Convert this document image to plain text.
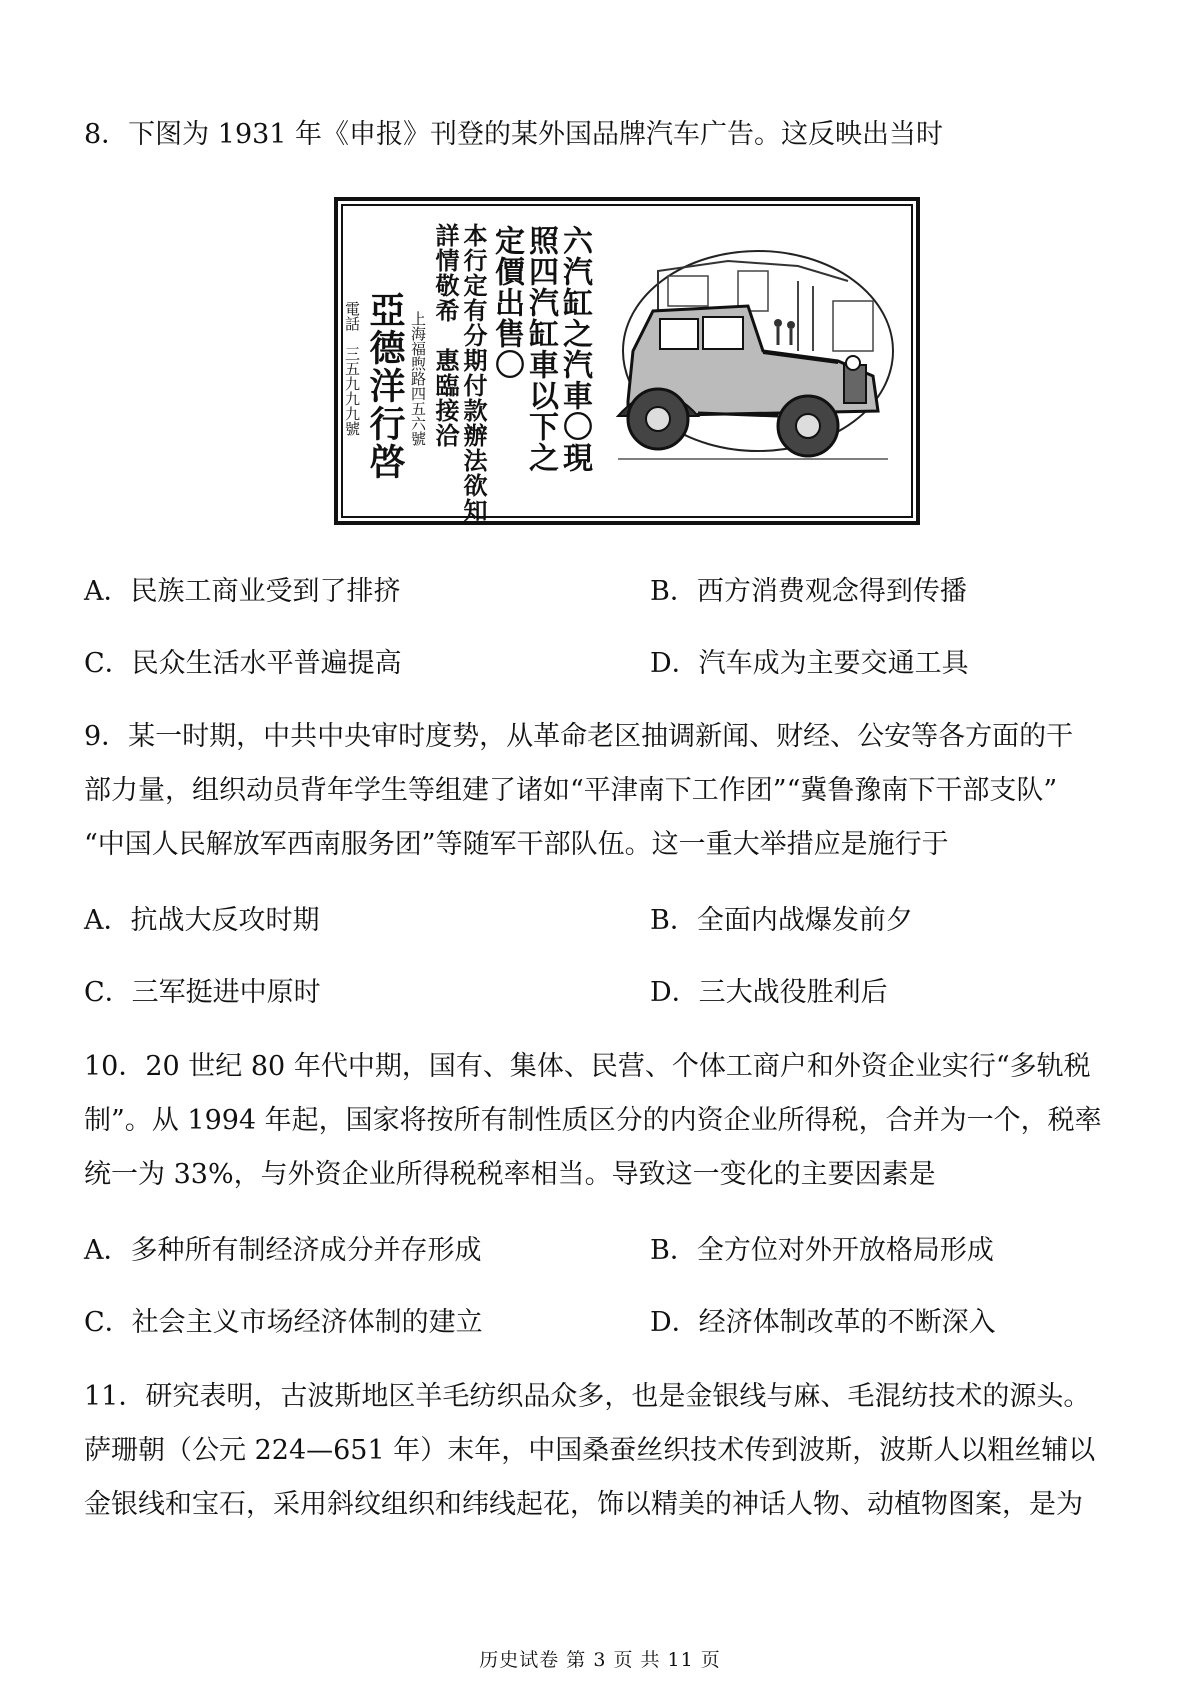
8．下图为 1931 年《申报》刊登的某外国品牌汽车广告。这反映出当时
六汽缸之汽車〇現
照四汽缸車以下之
定價出售〇
本行定有分期付款辦法欲知
詳情敬希　惠臨接洽
上海福煦路四五六號
亞德洋行啓
電話　三五九九九號
A．民族工商业受到了排挤	B．西方消费观念得到传播
C．民众生活水平普遍提高	D．汽车成为主要交通工具
9．某一时期，中共中央审时度势，从革命老区抽调新闻、财经、公安等各方面的干
部力量，组织动员背年学生等组建了诸如“平津南下工作团”“冀鲁豫南下干部支队”
“中国人民解放军西南服务团”等随军干部队伍。这一重大举措应是施行于
A．抗战大反攻时期	B．全面内战爆发前夕
C．三军挺进中原时	D．三大战役胜利后
10．20 世纪 80 年代中期，国有、集体、民营、个体工商户和外资企业实行“多轨税
制”。从 1994 年起，国家将按所有制性质区分的内资企业所得税，合并为一个，税率
统一为 33%，与外资企业所得税税率相当。导致这一变化的主要因素是
A．多种所有制经济成分并存形成	B．全方位对外开放格局形成
C．社会主义市场经济体制的建立	D．经济体制改革的不断深入
11．研究表明，古波斯地区羊毛纺织品众多，也是金银线与麻、毛混纺技术的源头。
萨珊朝（公元 224—651 年）末年，中国桑蚕丝织技术传到波斯，波斯人以粗丝辅以
金银线和宝石，采用斜纹组织和纬线起花，饰以精美的神话人物、动植物图案，是为
历史试卷 第 3 页 共 11 页
